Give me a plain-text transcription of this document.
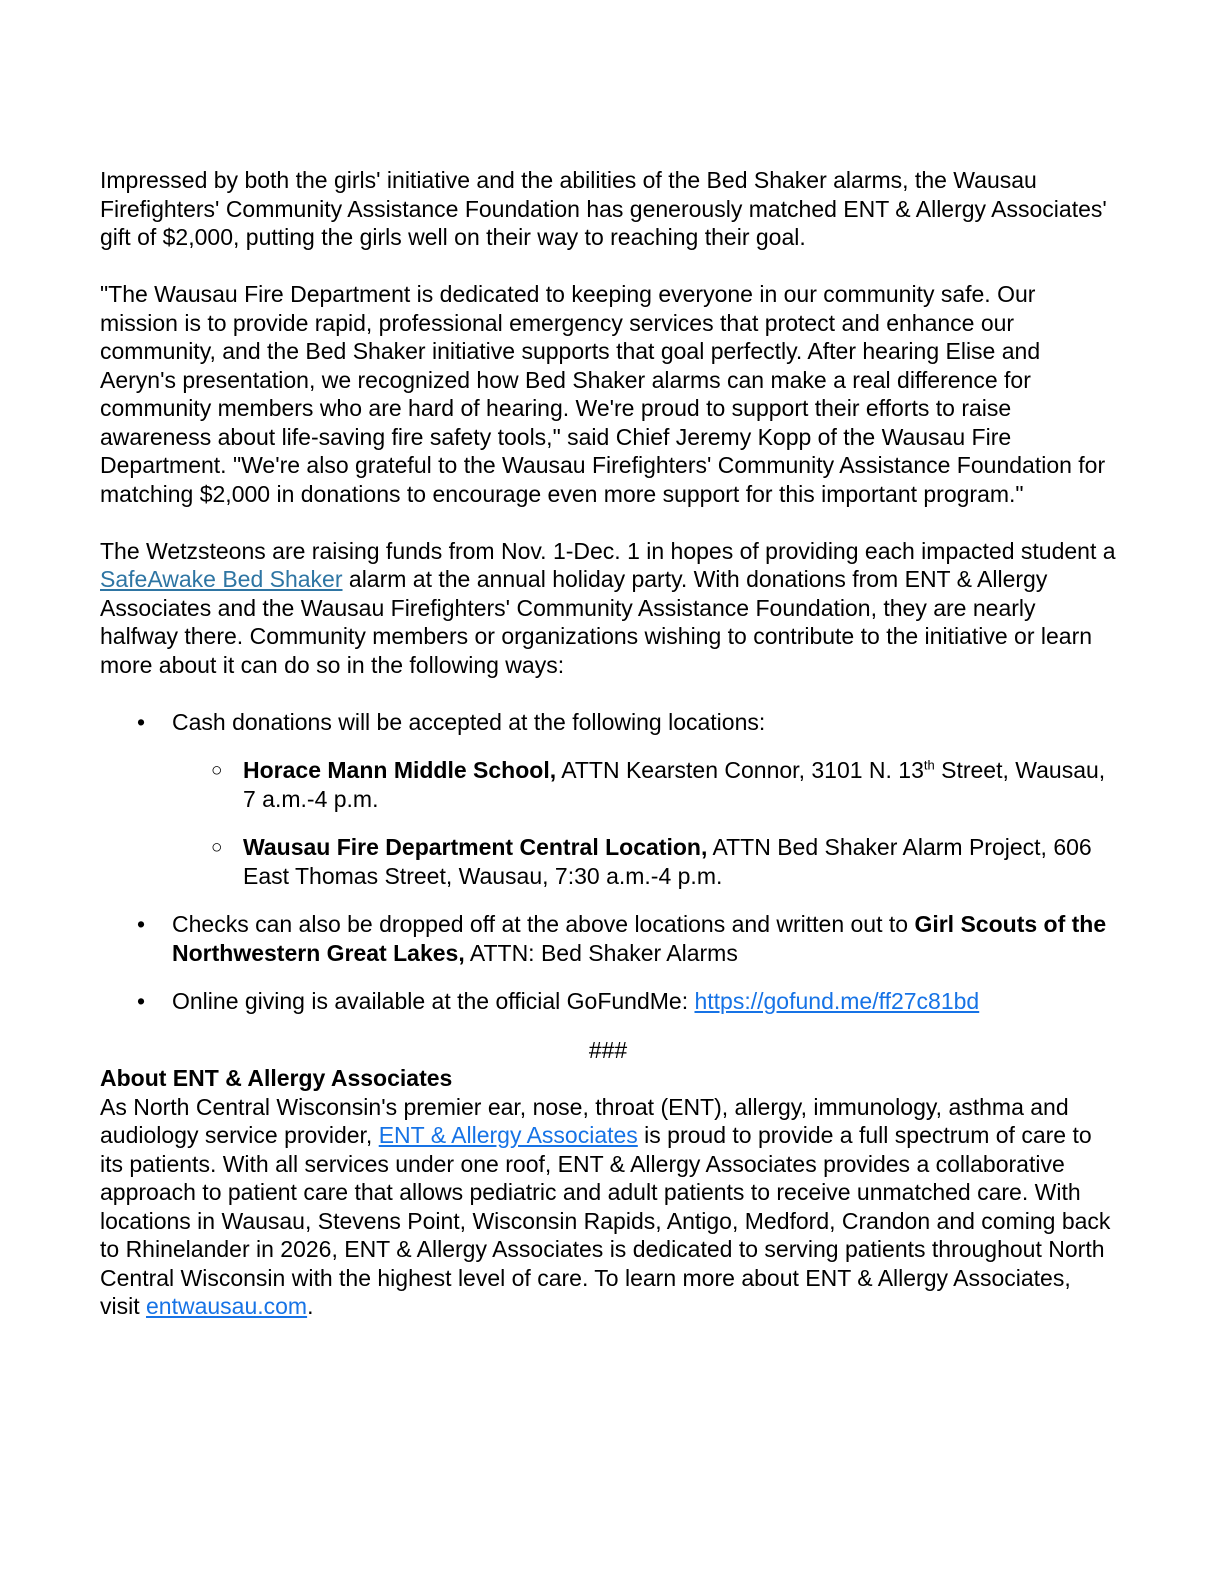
Impressed by both the girls' initiative and the abilities of the Bed Shaker alarms, the Wausau Firefighters' Community Assistance Foundation has generously matched ENT & Allergy Associates' gift of $2,000, putting the girls well on their way to reaching their goal.

"The Wausau Fire Department is dedicated to keeping everyone in our community safe. Our mission is to provide rapid, professional emergency services that protect and enhance our community, and the Bed Shaker initiative supports that goal perfectly. After hearing Elise and Aeryn's presentation, we recognized how Bed Shaker alarms can make a real difference for community members who are hard of hearing. We're proud to support their efforts to raise awareness about life-saving fire safety tools," said Chief Jeremy Kopp of the Wausau Fire Department. "We're also grateful to the Wausau Firefighters' Community Assistance Foundation for matching $2,000 in donations to encourage even more support for this important program."

The Wetzsteons are raising funds from Nov. 1-Dec. 1 in hopes of providing each impacted student a SafeAwake Bed Shaker alarm at the annual holiday party. With donations from ENT & Allergy Associates and the Wausau Firefighters' Community Assistance Foundation, they are nearly halfway there. Community members or organizations wishing to contribute to the initiative or learn more about it can do so in the following ways:

• Cash donations will be accepted at the following locations:
○ Horace Mann Middle School, ATTN Kearsten Connor, 3101 N. 13th Street, Wausau, 7 a.m.-4 p.m.
○ Wausau Fire Department Central Location, ATTN Bed Shaker Alarm Project, 606 East Thomas Street, Wausau, 7:30 a.m.-4 p.m.
• Checks can also be dropped off at the above locations and written out to Girl Scouts of the Northwestern Great Lakes, ATTN: Bed Shaker Alarms
• Online giving is available at the official GoFundMe: https://gofund.me/ff27c81bd
###
About ENT & Allergy Associates

As North Central Wisconsin's premier ear, nose, throat (ENT), allergy, immunology, asthma and audiology service provider, ENT & Allergy Associates is proud to provide a full spectrum of care to its patients. With all services under one roof, ENT & Allergy Associates provides a collaborative approach to patient care that allows pediatric and adult patients to receive unmatched care. With locations in Wausau, Stevens Point, Wisconsin Rapids, Antigo, Medford, Crandon and coming back to Rhinelander in 2026, ENT & Allergy Associates is dedicated to serving patients throughout North Central Wisconsin with the highest level of care. To learn more about ENT & Allergy Associates, visit entwausau.com.
